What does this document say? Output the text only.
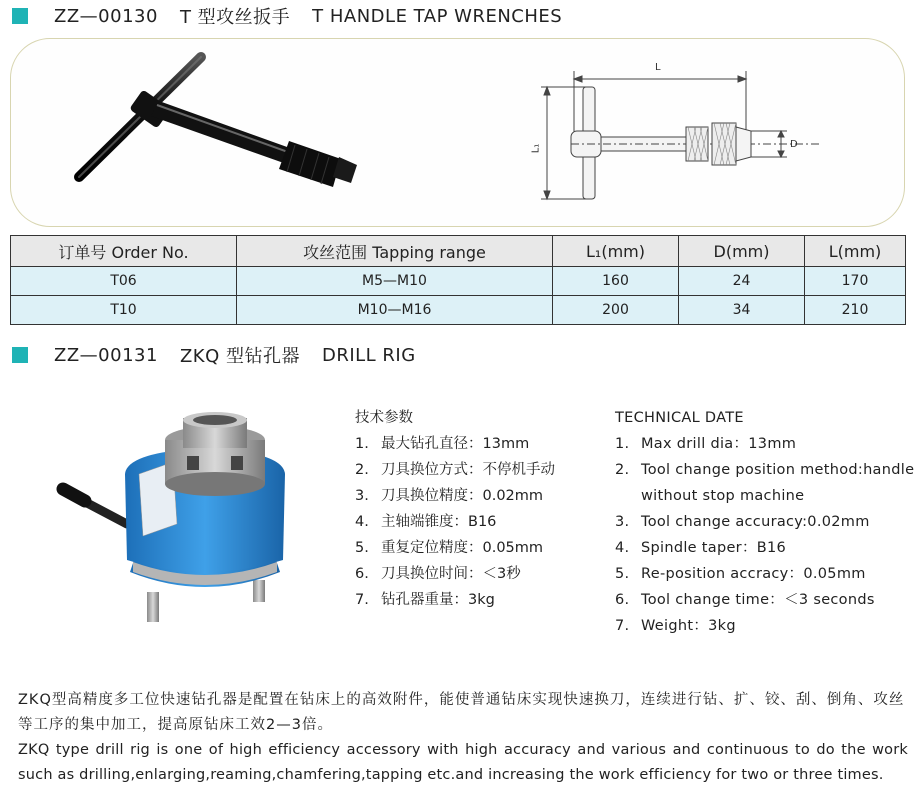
ZZ—00130 T 型攻丝扳手 T HANDLE TAP WRENCHES
L
L₁	D
订单号 Order No.	攻丝范围 Tapping range	L₁(mm)	D(mm)	L(mm)
T06	M5—M10	160	24	170
T10	M10—M16	200	34	210
ZZ—00131 ZKQ 型钻孔器 DRILL RIG
技术参数
1. 最大钻孔直径：13mm
2. 刀具换位方式：不停机手动
3. 刀具换位精度：0.02mm
4. 主轴端锥度：B16
5. 重复定位精度：0.05mm
6. 刀具换位时间：＜3秒
7. 钻孔器重量：3kg
TECHNICAL DATE
1. Max drill dia：13mm
2. Tool change position method:handle without stop machine
3. Tool change accuracy:0.02mm
4. Spindle taper：B16
5. Re-position accracy：0.05mm
6. Tool change time：＜3 seconds
7. Weight：3kg
ZKQ型高精度多工位快速钻孔器是配置在钻床上的高效附件，能使普通钻床实现快速换刀，连续进行钻、扩、铰、刮、倒角、攻丝等工序的集中加工，提高原钻床工效2—3倍。
ZKQ type drill rig is one of high efficiency accessory with high accuracy and various and continuous to do the work such as drilling,enlarging,reaming,chamfering,tapping etc.and increasing the work efficiency for two or three times.
